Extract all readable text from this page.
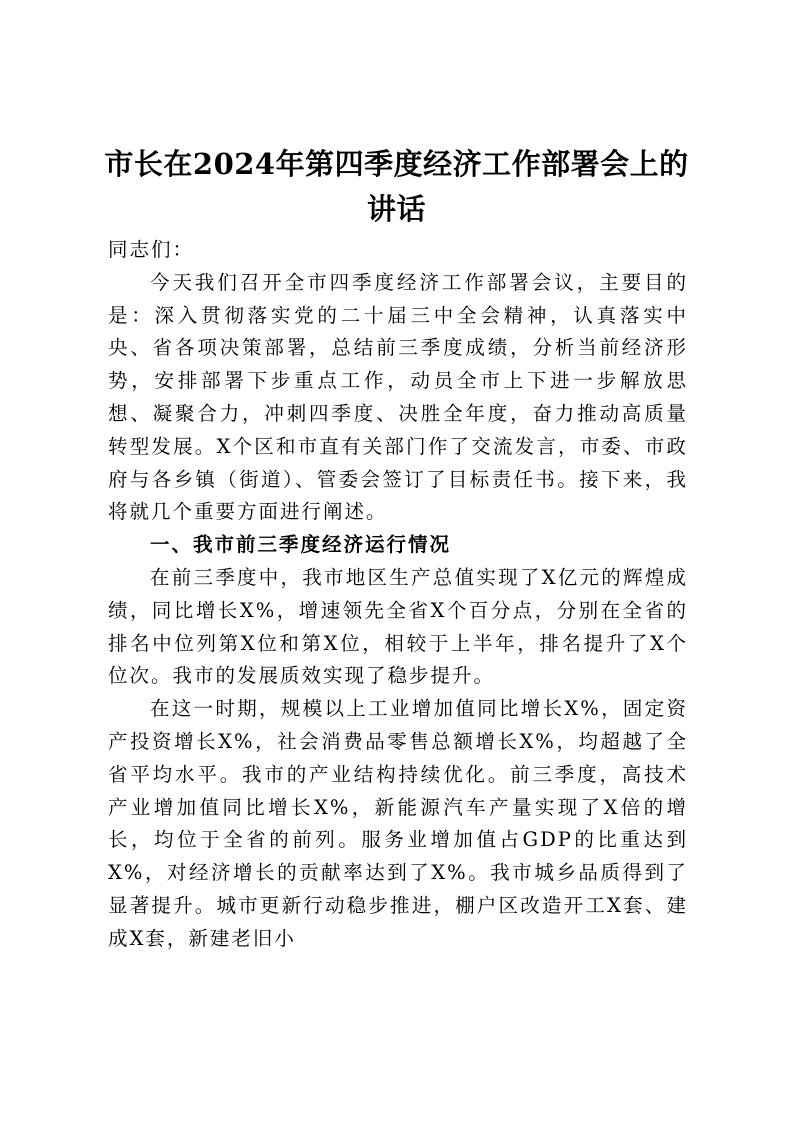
市长在2024年第四季度经济工作部署会上的
讲话

同志们：

今天我们召开全市四季度经济工作部署会议，主要目的是：深入贯彻落实党的二十届三中全会精神，认真落实中央、省各项决策部署，总结前三季度成绩，分析当前经济形势，安排部署下步重点工作，动员全市上下进一步解放思想、凝聚合力，冲刺四季度、决胜全年度，奋力推动高质量转型发展。X个区和市直有关部门作了交流发言，市委、市政府与各乡镇（街道）、管委会签订了目标责任书。接下来，我将就几个重要方面进行阐述。

一、我市前三季度经济运行情况

在前三季度中，我市地区生产总值实现了X亿元的辉煌成绩，同比增长X%，增速领先全省X个百分点，分别在全省的排名中位列第X位和第X位，相较于上半年，排名提升了X个位次。我市的发展质效实现了稳步提升。

在这一时期，规模以上工业增加值同比增长X%，固定资产投资增长X%，社会消费品零售总额增长X%，均超越了全省平均水平。我市的产业结构持续优化。前三季度，高技术产业增加值同比增长X%，新能源汽车产量实现了X倍的增长，均位于全省的前列。服务业增加值占GDP的比重达到X%，对经济增长的贡献率达到了X%。我市城乡品质得到了显著提升。城市更新行动稳步推进，棚户区改造开工X套、建成X套，新建老旧小
